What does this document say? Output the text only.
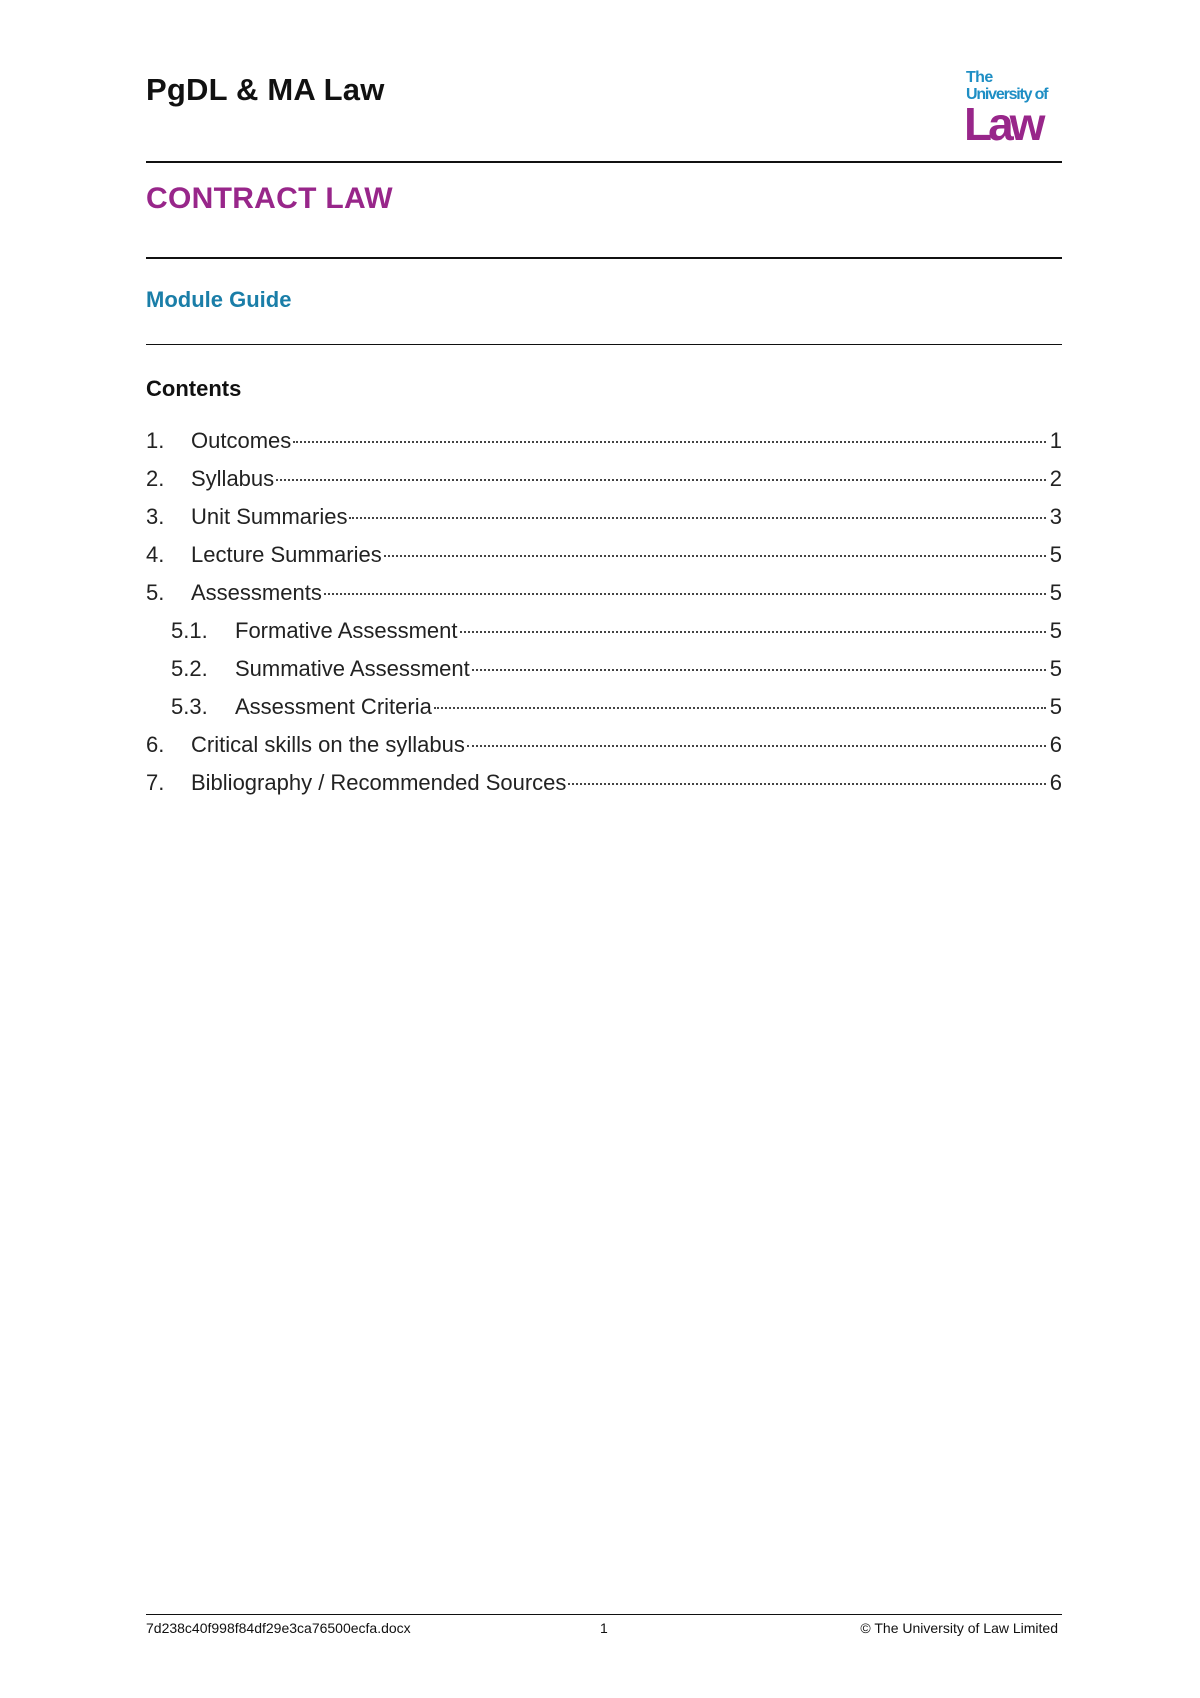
PgDL & MA Law	The
University of
Law
CONTRACT LAW
Module Guide
Contents
1.	Outcomes	1
2.	Syllabus	2
3.	Unit Summaries	3
4.	Lecture Summaries	5
5.	Assessments	5
5.1.	Formative Assessment	5
5.2.	Summative Assessment	5
5.3.	Assessment Criteria	5
6.	Critical skills on the syllabus	6
7.	Bibliography / Recommended Sources	6
7d238c40f998f84df29e3ca76500ecfa.docx	1	© The University of Law Limited
